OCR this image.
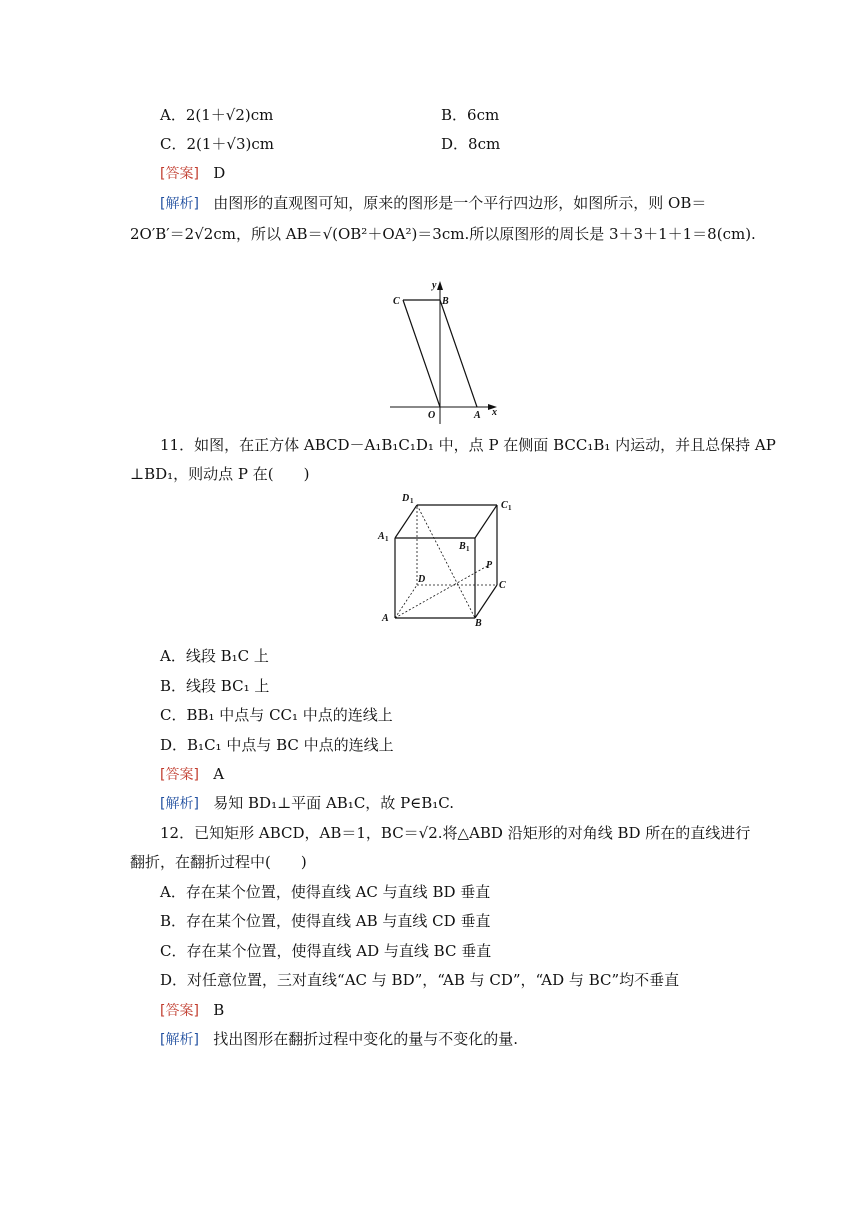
A．2(1＋√2)cm	B．6cm
C．2(1＋√3)cm	D．8cm
[答案] D
[解析] 由图形的直观图可知，原来的图形是一个平行四边形，如图所示，则 OB＝
2O′B′＝2√2cm，所以 AB＝√(OB²＋OA²)＝3cm.所以原图形的周长是 3＋3＋1＋1＝8(cm).
y
x
C	B
O	A
11．如图，在正方体 ABCD－A₁B₁C₁D₁ 中，点 P 在侧面 BCC₁B₁ 内运动，并且总保持 AP
⊥BD₁，则动点 P 在(　　)
D 1	C 1
A 1
B 1
D
P
C
A	B
A．线段 B₁C 上
B．线段 BC₁ 上
C．BB₁ 中点与 CC₁ 中点的连线上
D．B₁C₁ 中点与 BC 中点的连线上
[答案] A
[解析] 易知 BD₁⊥平面 AB₁C，故 P∈B₁C.
12．已知矩形 ABCD，AB＝1，BC＝√2.将△ABD 沿矩形的对角线 BD 所在的直线进行
翻折，在翻折过程中(　　)
A．存在某个位置，使得直线 AC 与直线 BD 垂直
B．存在某个位置，使得直线 AB 与直线 CD 垂直
C．存在某个位置，使得直线 AD 与直线 BC 垂直
D．对任意位置，三对直线“AC 与 BD”，“AB 与 CD”，“AD 与 BC”均不垂直
[答案] B
[解析] 找出图形在翻折过程中变化的量与不变化的量.
